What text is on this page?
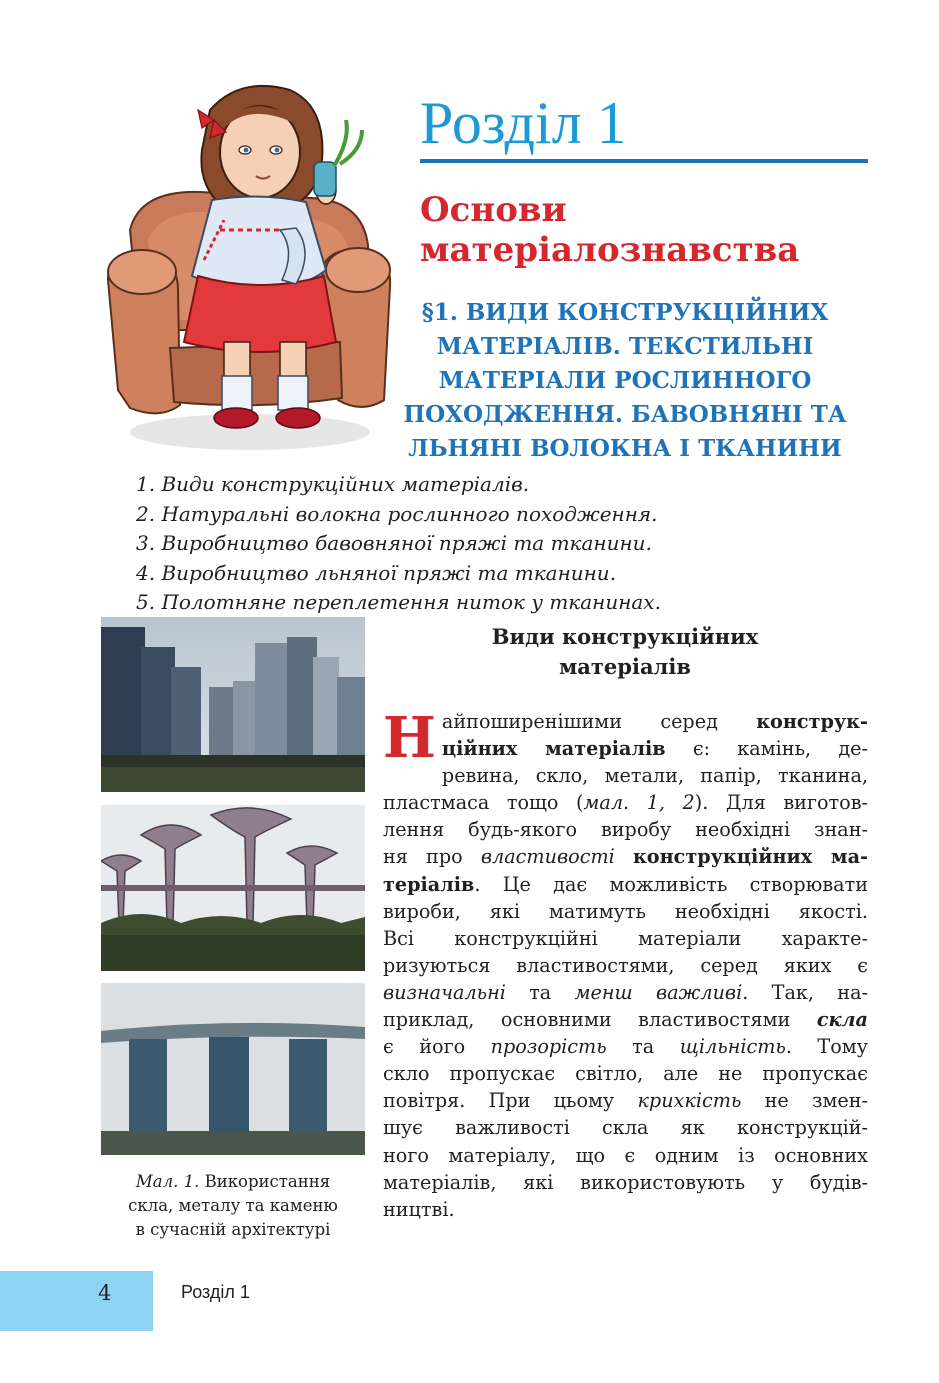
Розділ 1
Основи
матеріалознавства
§1. ВИДИ КОНСТРУКЦІЙНИХ
МАТЕРІАЛІВ. ТЕКСТИЛЬНІ
МАТЕРІАЛИ РОСЛИННОГО
ПОХОДЖЕННЯ. БАВОВНЯНІ ТА
ЛЬНЯНІ ВОЛОКНА І ТКАНИНИ
1. Види конструкційних матеріалів.
2. Натуральні волокна рослинного походження.
3. Виробництво бавовняної пряжі та тканини.
4. Виробництво льняної пряжі та тканини.
5. Полотняне переплетення ниток у тканинах.

Мал. 1. Використання
скла, металу та каменю
в сучасній архітектурі

Види конструкційних
матеріалів
Н айпоширенішими серед конструк-
ційних матеріалів є: камінь, де-
ревина, скло, метали, папір, тканина,
пластмаса тощо (мал. 1, 2). Для виготов-
лення будь-якого виробу необхідні знан-
ня про властивості конструкційних ма-
теріалів. Це дає можливість створювати
вироби, які матимуть необхідні якості.
Всі конструкційні матеріали характе-
ризуються властивостями, серед яких є
визначальні та менш важливі. Так, на-
приклад, основними властивостями скла
є його прозорість та щільність. Тому
скло пропускає світло, але не пропускає
повітря. При цьому крихкість не змен-
шує важливості скла як конструкцій-
ного матеріалу, що є одним із основних
матеріалів, які використовують у будів-
ництві.
4	Розділ 1
